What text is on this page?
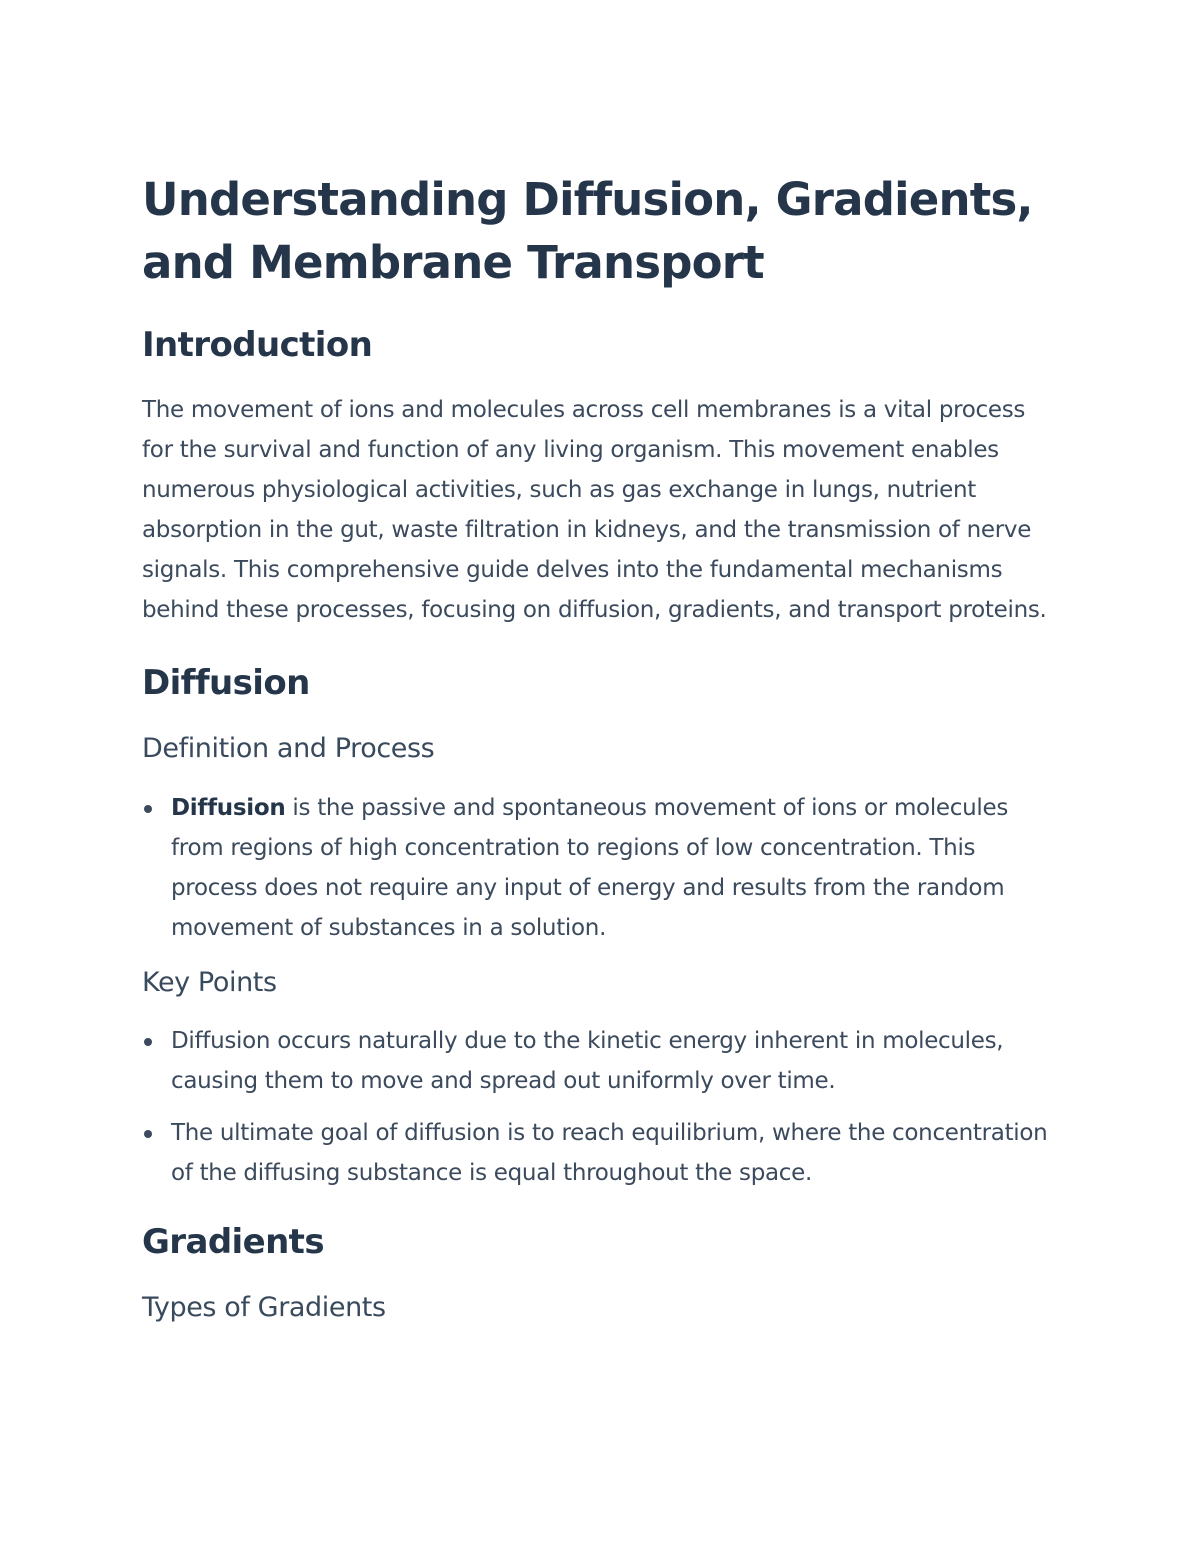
Understanding Diffusion, Gradients, and Membrane Transport
Introduction

The movement of ions and molecules across cell membranes is a vital process for the survival and function of any living organism. This movement enables numerous physiological activities, such as gas exchange in lungs, nutrient absorption in the gut, waste filtration in kidneys, and the transmission of nerve signals. This comprehensive guide delves into the fundamental mechanisms behind these processes, focusing on diffusion, gradients, and transport proteins.

Diffusion
Definition and Process
Diffusion is the passive and spontaneous movement of ions or molecules from regions of high concentration to regions of low concentration. This process does not require any input of energy and results from the random movement of substances in a solution.
Key Points
Diffusion occurs naturally due to the kinetic energy inherent in molecules, causing them to move and spread out uniformly over time.
The ultimate goal of diffusion is to reach equilibrium, where the concentration of the diffusing substance is equal throughout the space.
Gradients
Types of Gradients
